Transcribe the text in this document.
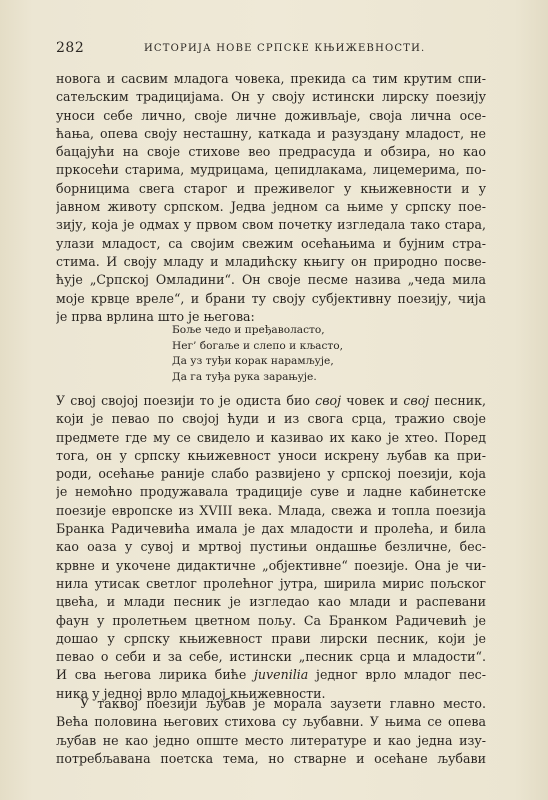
282	ИСТОРИЈА НОВЕ СРПСКЕ КЊИЖЕВНОСТИ.
новога и сасвим младога човека, прекида са тим крутим спи-
сатељским традицијама. Он у своју истински лирску поезију
уноси себе лично, своје личне доживљаје, своја лична осе-
ћања, опева своју несташну, каткада и разуздану младост, не
бацајући на своје стихове вео предрасуда и обзира, но као
пркосећи старима, мудрицама, цепидлакама, лицемерима, по-
борницима свега старог и преживелог у књижевности и у
јавном животу српском. Једва једном са њиме у српску пое-
зију, која је одмах у првом свом почетку изгледала тако стара,
улази младост, са својим свежим осећањима и бујним стра-
стима. И своју младу и младићску књигу он природно посве-
ћује „Српској Омладини“. Он своје песме назива „чеда мила
моје крвце вреле“, и брани ту своју субјективну поезију, чија
је прва врлина што је његова:
Боље чедо и пређаволасто,
Нег’ богаље и слепо и кљасто,
Да уз туђи корак нарамљује,
Да га туђа рука зарањује.
У свој својој поезији то је одиста био свој човек и свој песник,
који је певао по својој ћуди и из свога срца, тражио своје
предмете где му се свидело и казивао их како је хтео. Поред
тога, он у српску књижевност уноси искрену љубав ка при-
роди, осећање раније слабо развијено у српској поезији, која
је немоћно продужавала традиције суве и ладне кабинетске
поезије европске из XVIII века. Млада, свежа и топла поезија
Бранка Радичевића имала је дах младости и пролећа, и била
као оаза у сувој и мртвој пустињи ондашње безличне, бес-
крвне и укочене дидактичне „објективне“ поезије. Она је чи-
нила утисак светлог пролећног јутра, ширила мирис пољског
цвећа, и млади песник је изгледао као млади и распевани
фаун у пролетњем цветном пољу. Са Бранком Радичевић је
дошао у српску књижевност прави лирски песник, који је
певао о себи и за себе, истински „песник срца и младости“.
И сва његова лирика биће juvenilia једног врло младог пес-
ника у једној врло младој књижевности.
У таквој поезији љубав је морала заузети главно место.
Већа половина његових стихова су љубавни. У њима се опева
љубав не као једно опште место литературе и као једна изу-
потребљавана поетска тема, но стварне и осећане љубави
